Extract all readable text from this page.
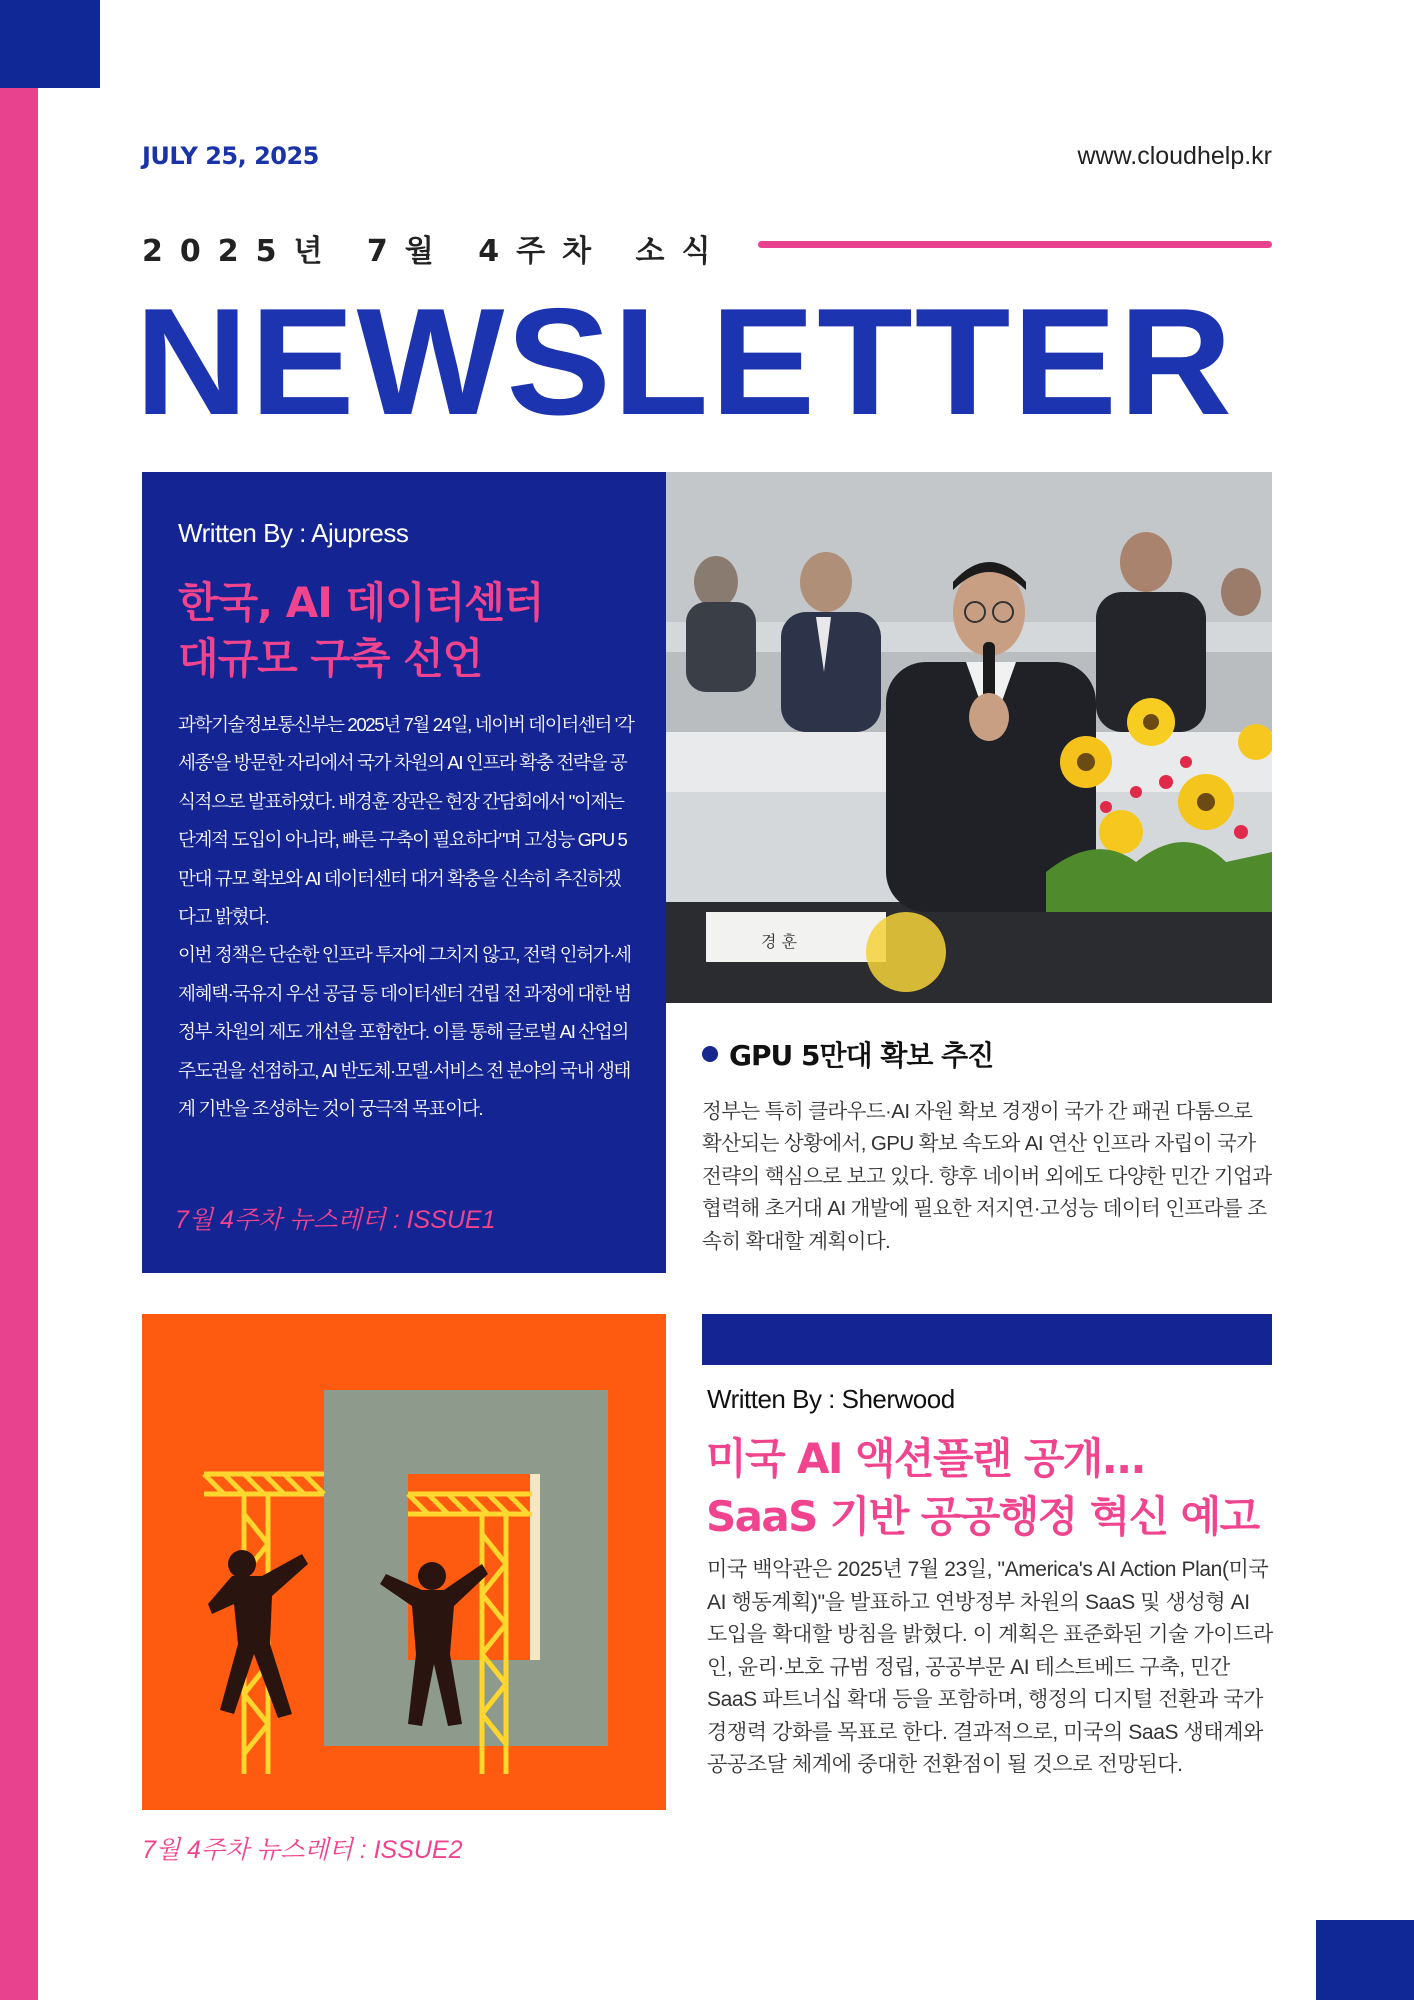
JULY 25, 2025	www.cloudhelp.kr
2025년 7월 4주차 소식
NEWSLETTER
Written By : Ajupress
한국, AI 데이터센터
대규모 구축 선언

과학기술정보통신부는 2025년 7월 24일, 네이버 데이터센터 '각 세종'을 방문한 자리에서 국가 차원의 AI 인프라 확충 전략을 공식적으로 발표하였다. 배경훈 장관은 현장 간담회에서 "이제는 단계적 도입이 아니라, 빠른 구축이 필요하다"며 고성능 GPU 5만대 규모 확보와 AI 데이터센터 대거 확충을 신속히 추진하겠다고 밝혔다.

이번 정책은 단순한 인프라 투자에 그치지 않고, 전력 인허가·세제혜택·국유지 우선 공급 등 데이터센터 건립 전 과정에 대한 범정부 차원의 제도 개선을 포함한다. 이를 통해 글로벌 AI 산업의 주도권을 선점하고, AI 반도체·모델·서비스 전 분야의 국내 생태계 기반을 조성하는 것이 궁극적 목표이다.

7월 4주차 뉴스레터 : ISSUE1
경 훈
GPU 5만대 확보 추진
정부는 특히 클라우드·AI 자원 확보 경쟁이 국가 간 패권 다툼으로 확산되는 상황에서, GPU 확보 속도와 AI 연산 인프라 자립이 국가 전략의 핵심으로 보고 있다. 향후 네이버 외에도 다양한 민간 기업과 협력해 초거대 AI 개발에 필요한 저지연·고성능 데이터 인프라를 조속히 확대할 계획이다.
7월 4주차 뉴스레터 : ISSUE2
Written By : Sherwood
미국 AI 액션플랜 공개...
SaaS 기반 공공행정 혁신 예고
미국 백악관은 2025년 7월 23일, "America's AI Action Plan(미국 AI 행동계획)"을 발표하고 연방정부 차원의 SaaS 및 생성형 AI 도입을 확대할 방침을 밝혔다. 이 계획은 표준화된 기술 가이드라인, 윤리·보호 규범 정립, 공공부문 AI 테스트베드 구축, 민간 SaaS 파트너십 확대 등을 포함하며, 행정의 디지털 전환과 국가 경쟁력 강화를 목표로 한다. 결과적으로, 미국의 SaaS 생태계와 공공조달 체계에 중대한 전환점이 될 것으로 전망된다.
